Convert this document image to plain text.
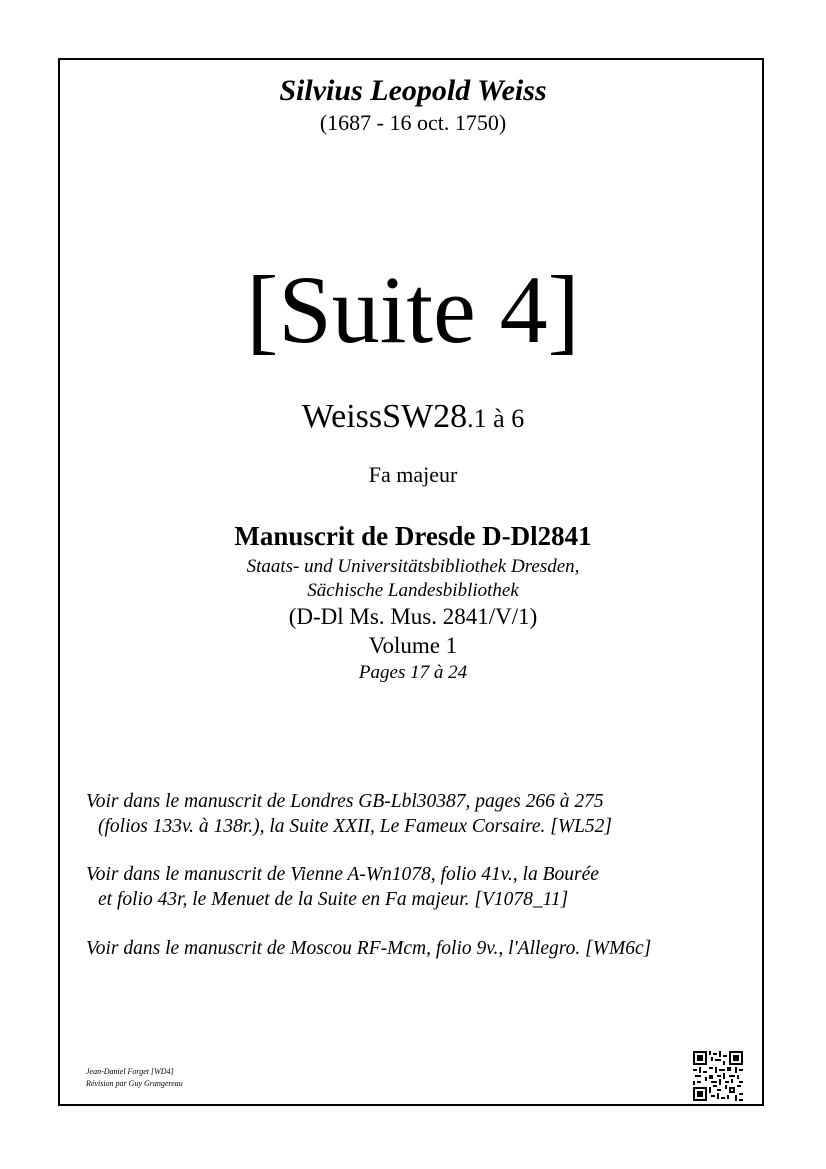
Silvius Leopold Weiss
(1687 - 16 oct. 1750)
[Suite 4]
WeissSW28.1 à 6
Fa majeur
Manuscrit de Dresde D-Dl2841
Staats- und Universitätsbibliothek Dresden,
Sächische Landesbibliothek
(D-Dl Ms. Mus. 2841/V/1)
Volume 1
Pages 17 à 24
Voir dans le manuscrit de Londres GB-Lbl30387, pages 266 à 275
(folios 133v. à 138r.), la Suite XXII, Le Fameux Corsaire. [WL52]
Voir dans le manuscrit de Vienne A-Wn1078, folio 41v., la Bourée
et folio 43r, le Menuet de la Suite en Fa majeur. [V1078_11]
Voir dans le manuscrit de Moscou RF-Mcm, folio 9v., l'Allegro. [WM6c]
Jean-Daniel Forget [WD4]
Révision par Guy Grangereau
